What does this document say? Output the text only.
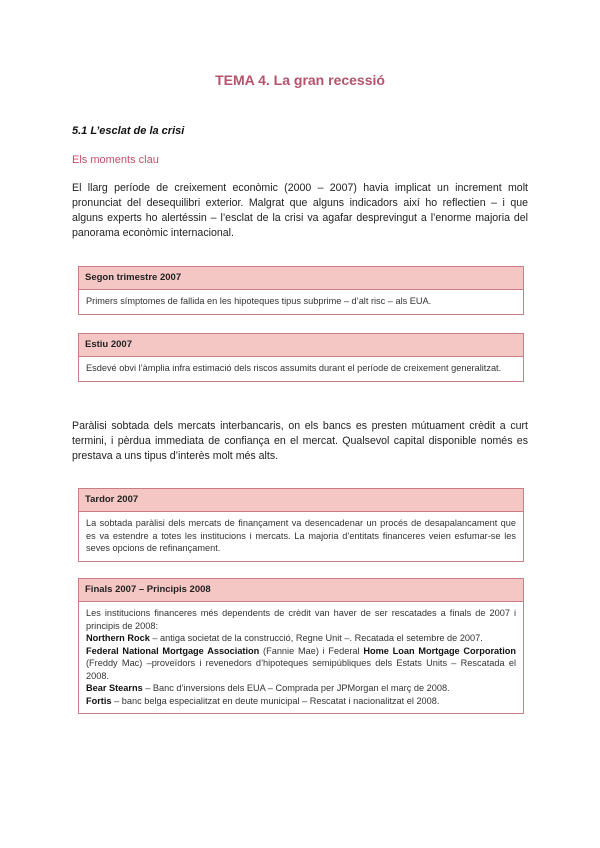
TEMA 4. La gran recessió
5.1 L’esclat de la crisi
Els moments clau
El llarg període de creixement econòmic (2000 – 2007) havia implicat un increment molt pronunciat del desequilibri exterior. Malgrat que alguns indicadors així ho reflectien – i que alguns experts ho alertéssin – l’esclat de la crisi va agafar desprevingut a l’enorme majoria del panorama econòmic internacional.
Segon trimestre 2007
Primers símptomes de fallida en les hipoteques tipus subprime – d’alt risc – als EUA.
Estiu 2007
Esdevé obvi l’àmplia infra estimació dels riscos assumits durant el període de creixement generalitzat.
Paràlisi sobtada dels mercats interbancaris, on els bancs es presten mútuament crèdit a curt termini, i pèrdua immediata de confiança en el mercat. Qualsevol capital disponible només es prestava a uns tipus d’interès molt més alts.
Tardor 2007
La sobtada paràlisi dels mercats de finançament va desencadenar un procés de desapalancament que es va estendre a totes les institucions i mercats. La majoria d’entitats financeres veien esfumar-se les seves opcions de refinançament.
Finals 2007 – Principis 2008
Les institucions financeres més dependents de crèdit van haver de ser rescatades a finals de 2007 i principis de 2008:
Northern Rock – antiga societat de la construcció, Regne Unit –. Recatada el setembre de 2007.
Federal National Mortgage Association (Fannie Mae) i Federal Home Loan Mortgage Corporation (Freddy Mac) –proveïdors i revenedors d’hipoteques semipúbliques dels Estats Units – Rescatada el 2008.
Bear Stearns – Banc d’inversions dels EUA – Comprada per JPMorgan el març de 2008.
Fortis – banc belga especialitzat en deute municipal – Rescatat i nacionalitzat el 2008.
